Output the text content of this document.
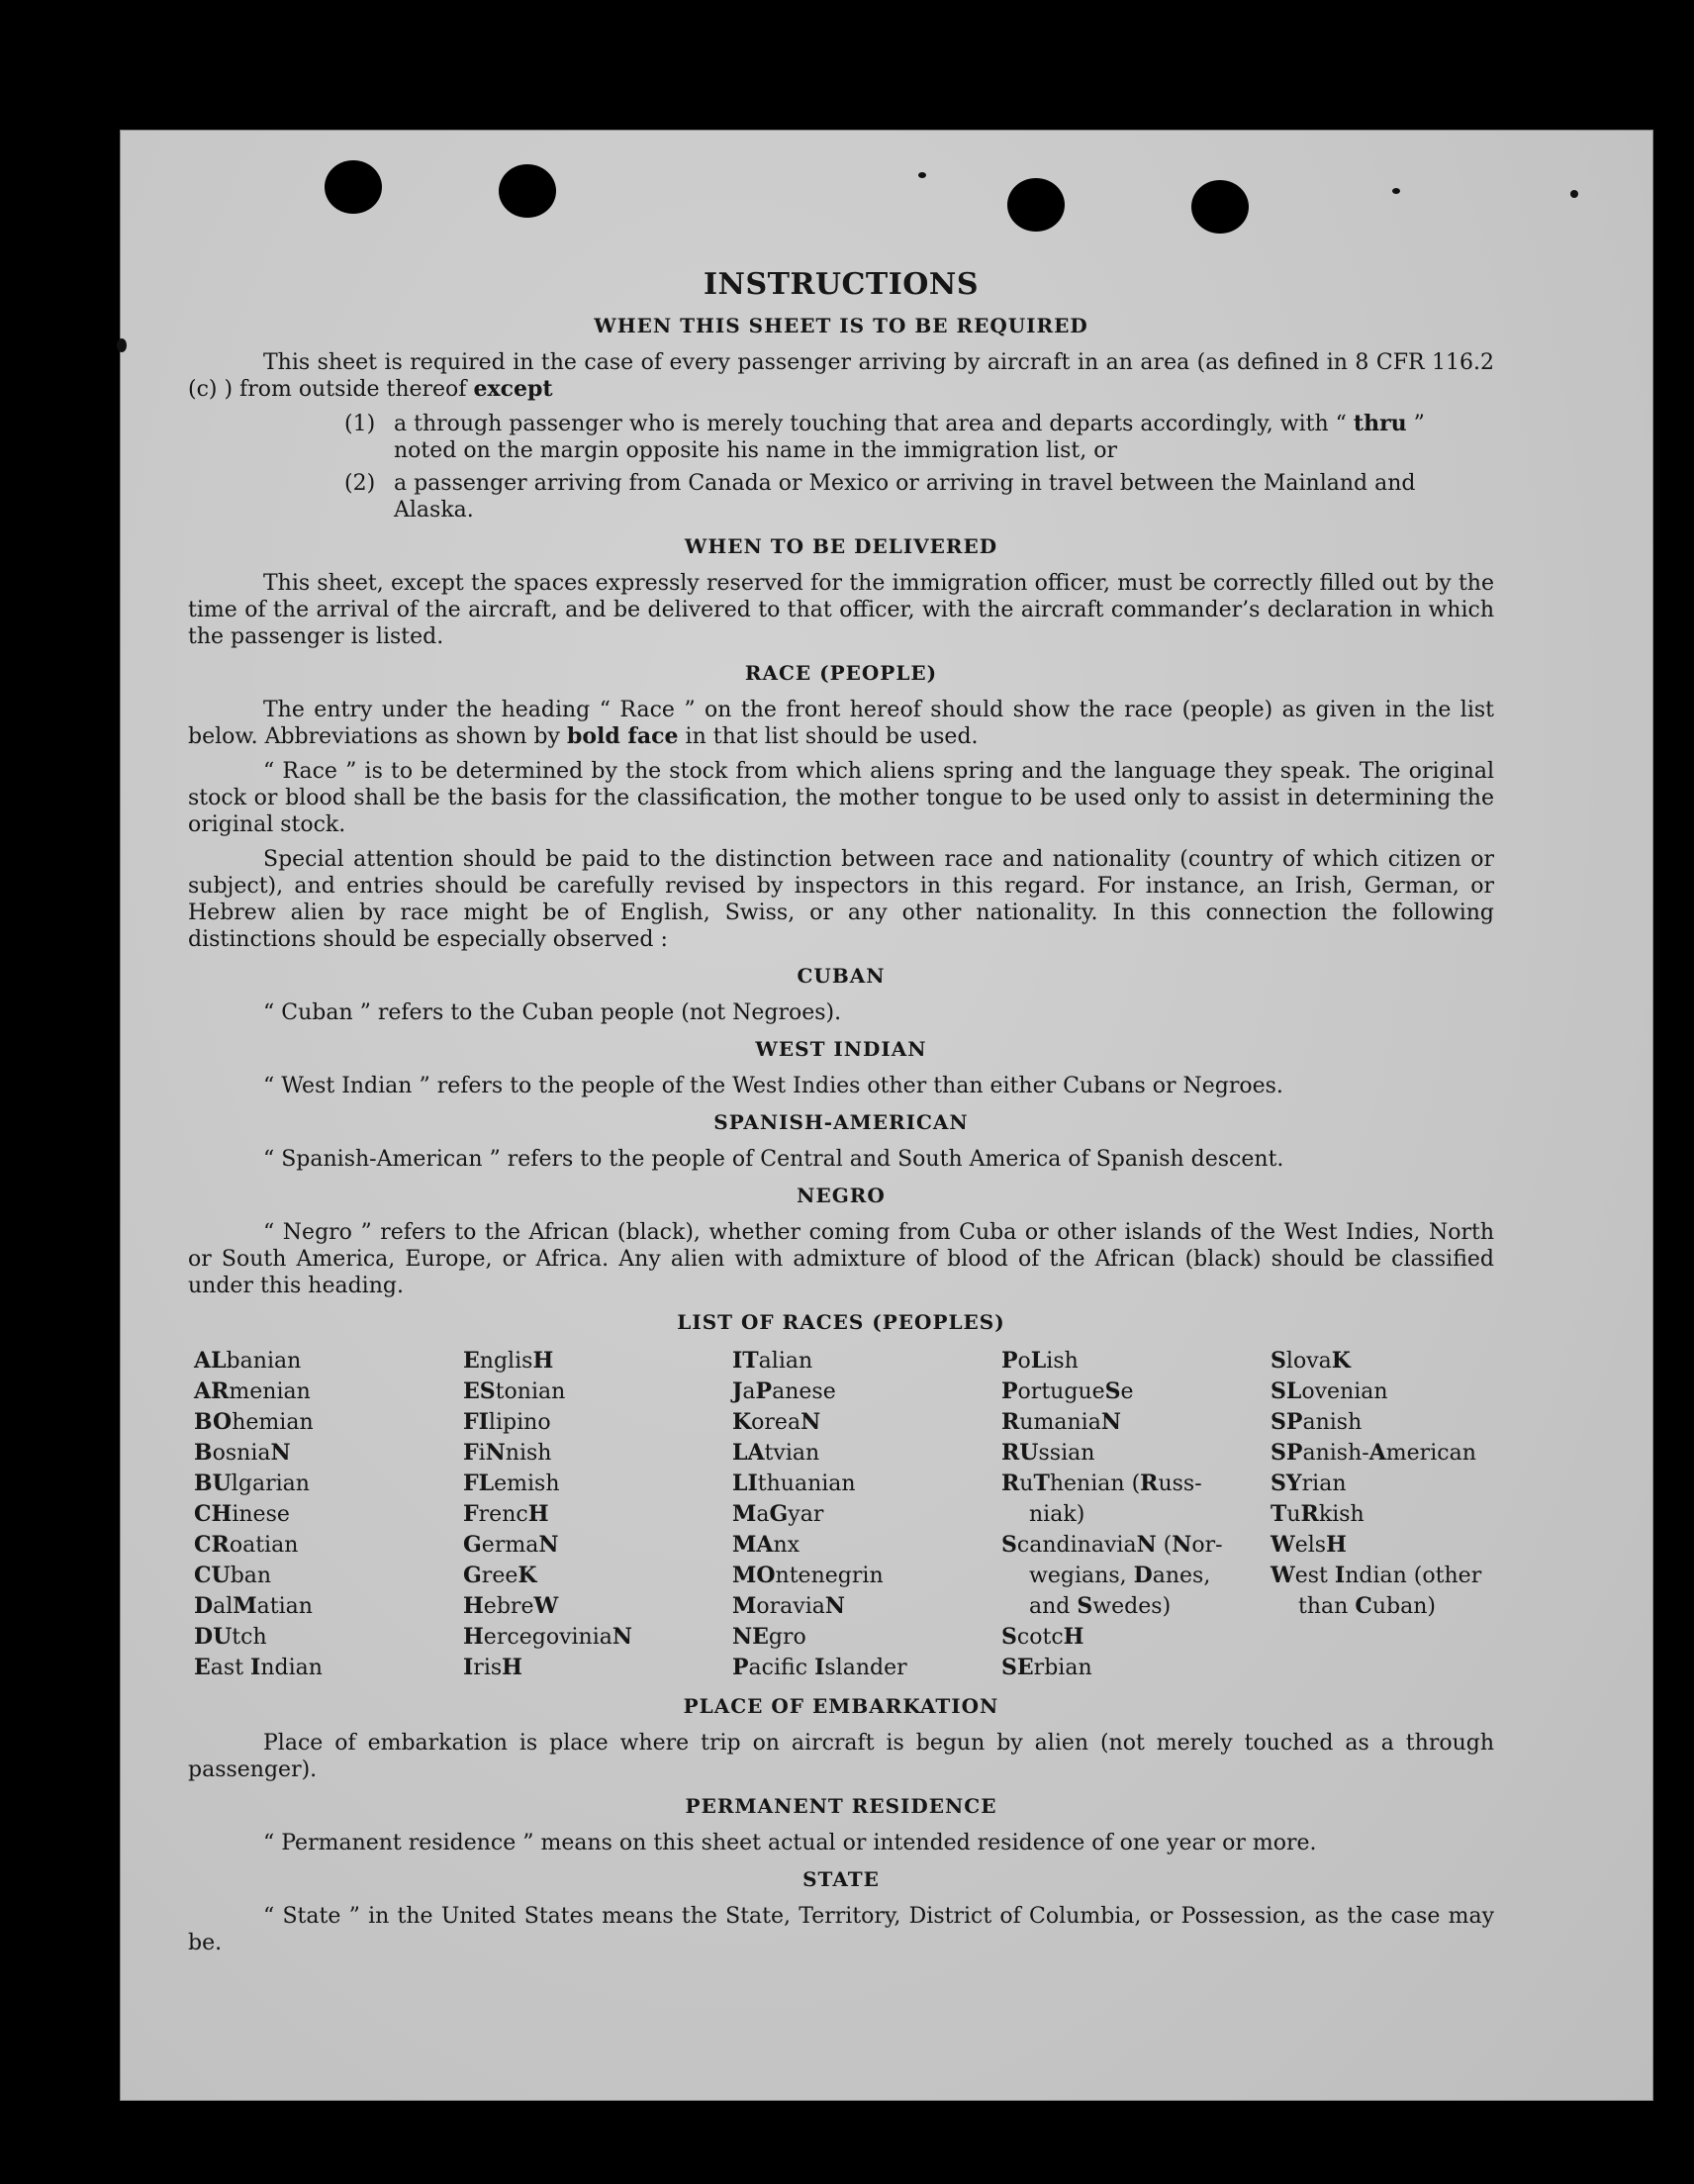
INSTRUCTIONS
WHEN THIS SHEET IS TO BE REQUIRED

This sheet is required in the case of every passenger arriving by aircraft in an area (as defined in 8 CFR 116.2 (c) ) from outside thereof except

(1) a through passenger who is merely touching that area and departs accordingly, with “ thru ” noted on the margin opposite his name in the immigration list, or
(2) a passenger arriving from Canada or Mexico or arriving in travel between the Mainland and Alaska.
WHEN TO BE DELIVERED

This sheet, except the spaces expressly reserved for the immigration officer, must be correctly filled out by the time of the arrival of the aircraft, and be delivered to that officer, with the aircraft commander’s declaration in which the passenger is listed.

RACE (PEOPLE)

The entry under the heading “ Race ” on the front hereof should show the race (people) as given in the list below. Abbreviations as shown by bold face in that list should be used.

“ Race ” is to be determined by the stock from which aliens spring and the language they speak. The original stock or blood shall be the basis for the classification, the mother tongue to be used only to assist in determining the original stock.

Special attention should be paid to the distinction between race and nationality (country of which citizen or subject), and entries should be carefully revised by inspectors in this regard. For instance, an Irish, German, or Hebrew alien by race might be of English, Swiss, or any other nationality. In this connection the following distinctions should be especially observed :

CUBAN

“ Cuban ” refers to the Cuban people (not Negroes).

WEST INDIAN

“ West Indian ” refers to the people of the West Indies other than either Cubans or Negroes.

SPANISH-AMERICAN

“ Spanish-American ” refers to the people of Central and South America of Spanish descent.

NEGRO

“ Negro ” refers to the African (black), whether coming from Cuba or other islands of the West Indies, North or South America, Europe, or Africa. Any alien with admixture of blood of the African (black) should be classified under this heading.

LIST OF RACES (PEOPLES)
ALbanian
ARmenian
BOhemian
BosniaN
BUlgarian
CHinese
CRoatian
CUban
DalMatian
DUtch
East Indian
EnglisH
EStonian
FIlipino
FiNnish
FLemish
FrencH
GermaN
GreeK
HebreW
HercegoviniaN
IrisH
ITalian
JaPanese
KoreaN
LAtvian
LIthuanian
MaGyar
MAnx
MOntenegrin
MoraviaN
NEgro
Pacifc Islander
PoLish
PortugueSe
RumaniaN
RUssian
RuThenian (Russ-
niak)
ScandinaviaN (Nor-
wegians, Danes,
and Swedes)
ScotcH
SErbian
SlovaK
SLovenian
SPanish
SPanish-American
SYrian
TuRkish
WelsH
West Indian (other
than Cuban)
PLACE OF EMBARKATION

Place of embarkation is place where trip on aircraft is begun by alien (not merely touched as a through passenger).

PERMANENT RESIDENCE

“ Permanent residence ” means on this sheet actual or intended residence of one year or more.

STATE

“ State ” in the United States means the State, Territory, District of Columbia, or Possession, as the case may be.
